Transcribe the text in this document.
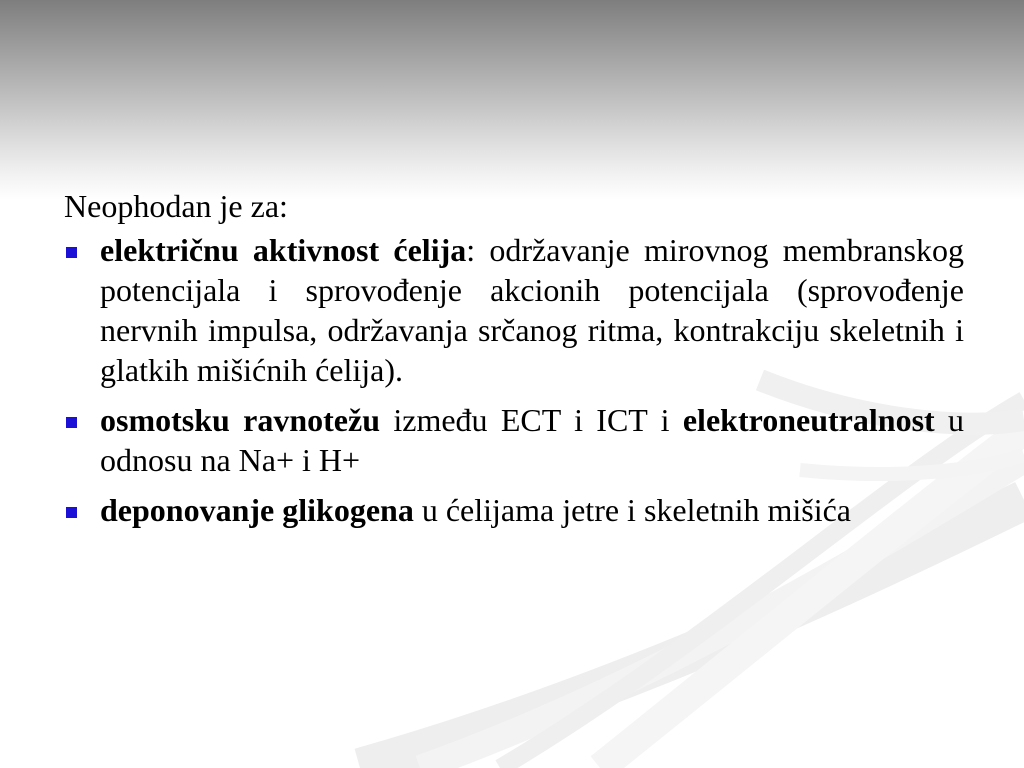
Neophodan je za:

električnu aktivnost ćelija: održavanje mirovnog membranskog potencijala i sprovođenje akcionih potencijala (sprovođenje nervnih impulsa, održavanja srčanog ritma, kontrakciju skeletnih i glatkih mišićnih ćelija).
osmotsku ravnotežu između ECT i ICT i elektroneutralnost u odnosu na Na+ i H+
deponovanje glikogena u ćelijama jetre i skeletnih mišića
